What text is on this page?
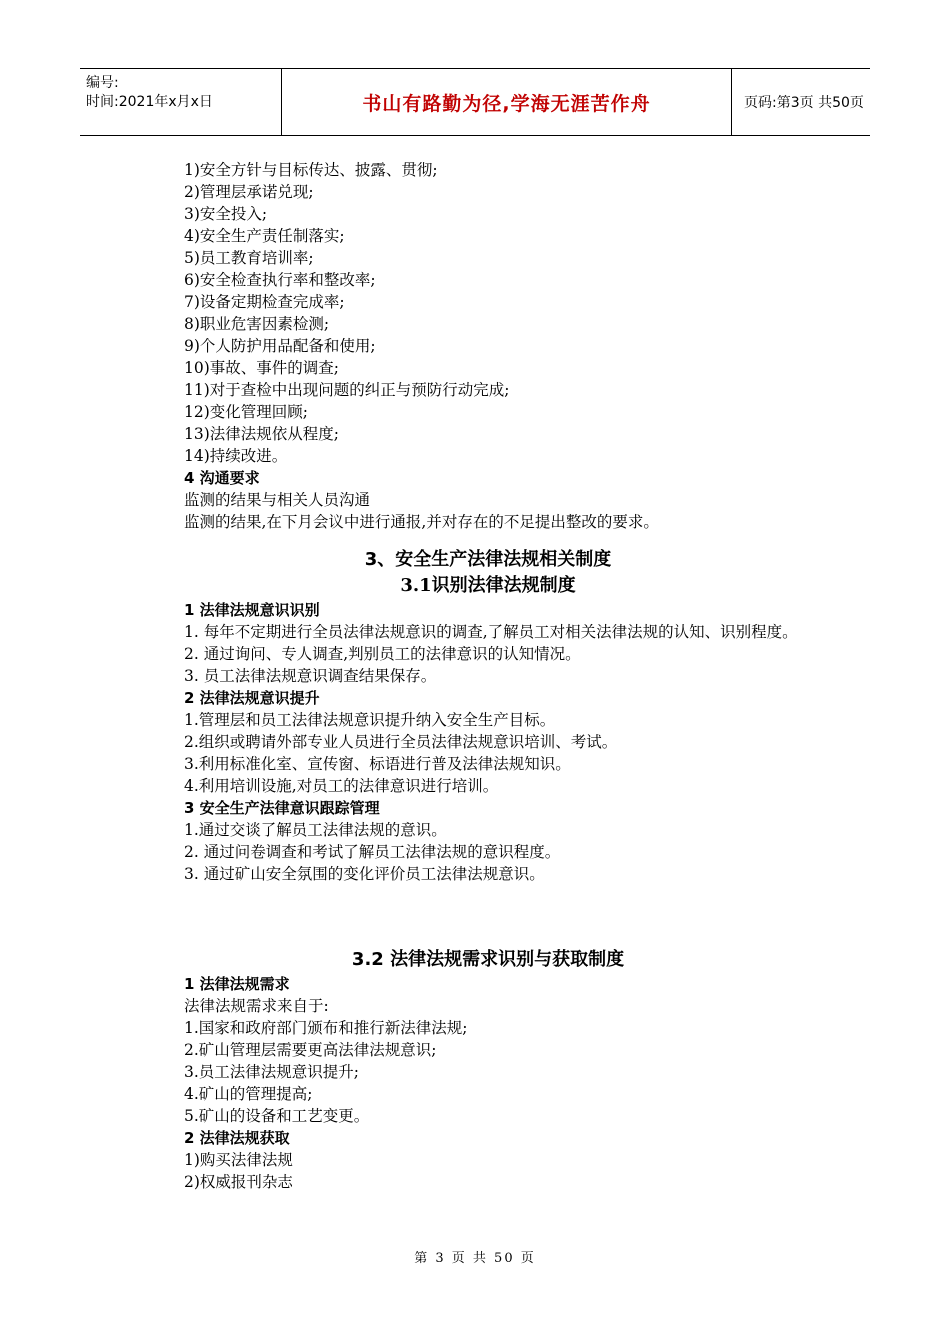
编号:
时间:2021年x月x日	书山有路勤为径,学海无涯苦作舟	页码:第3页 共50页
1)安全方针与目标传达、披露、贯彻;
2)管理层承诺兑现;
3)安全投入;
4)安全生产责任制落实;
5)员工教育培训率;
6)安全检查执行率和整改率;
7)设备定期检查完成率;
8)职业危害因素检测;
9)个人防护用品配备和使用;
10)事故、事件的调查;
11)对于查检中出现问题的纠正与预防行动完成;
12)变化管理回顾;
13)法律法规依从程度;
14)持续改进。
4 沟通要求
监测的结果与相关人员沟通
监测的结果,在下月会议中进行通报,并对存在的不足提出整改的要求。
3、安全生产法律法规相关制度
3.1识别法律法规制度
1 法律法规意识识别
1. 每年不定期进行全员法律法规意识的调查,了解员工对相关法律法规的认知、识别程度。
2. 通过询问、专人调查,判别员工的法律意识的认知情况。
3. 员工法律法规意识调查结果保存。
2 法律法规意识提升
1.管理层和员工法律法规意识提升纳入安全生产目标。
2.组织或聘请外部专业人员进行全员法律法规意识培训、考试。
3.利用标准化室、宣传窗、标语进行普及法律法规知识。
4.利用培训设施,对员工的法律意识进行培训。
3 安全生产法律意识跟踪管理
1.通过交谈了解员工法律法规的意识。
2. 通过问卷调查和考试了解员工法律法规的意识程度。
3. 通过矿山安全氛围的变化评价员工法律法规意识。
3.2 法律法规需求识别与获取制度
1 法律法规需求
法律法规需求来自于:
1.国家和政府部门颁布和推行新法律法规;
2.矿山管理层需要更高法律法规意识;
3.员工法律法规意识提升;
4.矿山的管理提高;
5.矿山的设备和工艺变更。
2 法律法规获取
1)购买法律法规
2)权威报刊杂志
第 3 页 共 50 页
